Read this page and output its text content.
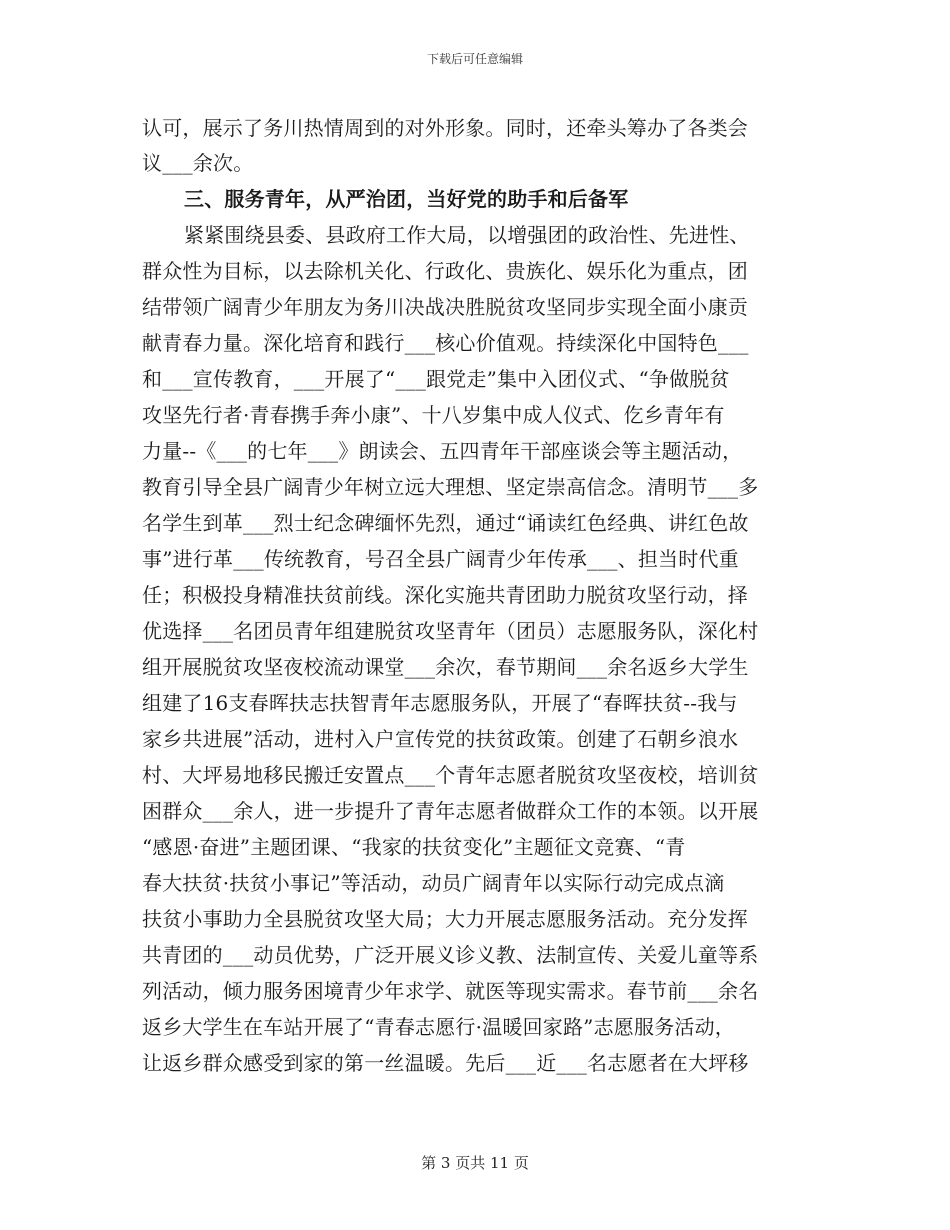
下载后可任意编辑
认可，展示了务川热情周到的对外形象。同时，还牵头筹办了各类会
议___余次。
三、服务青年，从严治团，当好党的助手和后备军
紧紧围绕县委、县政府工作大局，以增强团的政治性、先进性、
群众性为目标，以去除机关化、行政化、贵族化、娱乐化为重点，团
结带领广阔青少年朋友为务川决战决胜脱贫攻坚同步实现全面小康贡
献青春力量。深化培育和践行___核心价值观。持续深化中国特色___
和___宣传教育，___开展了“___跟党走”集中入团仪式、“争做脱贫
攻坚先行者·青春携手奔小康”、十八岁集中成人仪式、仡乡青年有
力量--《___的七年___》朗读会、五四青年干部座谈会等主题活动，
教育引导全县广阔青少年树立远大理想、坚定崇高信念。清明节___多
名学生到革___烈士纪念碑缅怀先烈，通过“诵读红色经典、讲红色故
事”进行革___传统教育，号召全县广阔青少年传承___、担当时代重
任；积极投身精准扶贫前线。深化实施共青团助力脱贫攻坚行动，择
优选择___名团员青年组建脱贫攻坚青年（团员）志愿服务队，深化村
组开展脱贫攻坚夜校流动课堂___余次，春节期间___余名返乡大学生
组建了16支春晖扶志扶智青年志愿服务队，开展了“春晖扶贫--我与
家乡共进展”活动，进村入户宣传党的扶贫政策。创建了石朝乡浪水
村、大坪易地移民搬迁安置点___个青年志愿者脱贫攻坚夜校，培训贫
困群众___余人，进一步提升了青年志愿者做群众工作的本领。以开展
“感恩·奋进”主题团课、“我家的扶贫变化”主题征文竞赛、“青
春大扶贫·扶贫小事记”等活动，动员广阔青年以实际行动完成点滴
扶贫小事助力全县脱贫攻坚大局；大力开展志愿服务活动。充分发挥
共青团的___动员优势，广泛开展义诊义教、法制宣传、关爱儿童等系
列活动，倾力服务困境青少年求学、就医等现实需求。春节前___余名
返乡大学生在车站开展了“青春志愿行·温暖回家路”志愿服务活动，
让返乡群众感受到家的第一丝温暖。先后___近___名志愿者在大坪移
第 3 页共 11 页
